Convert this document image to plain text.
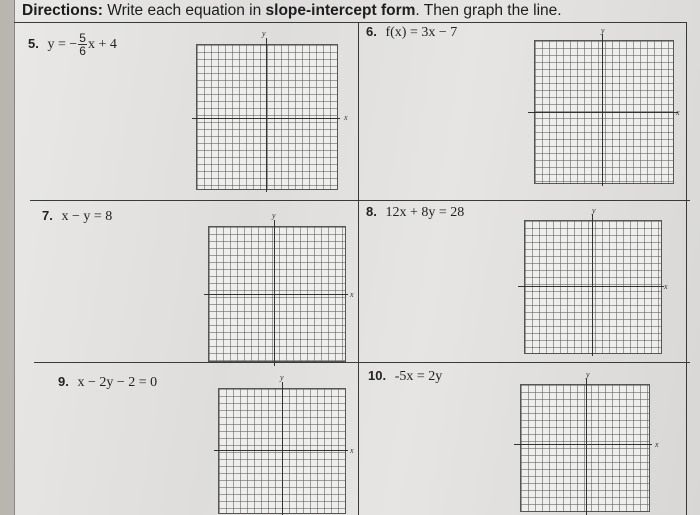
Directions: Write each equation in slope-intercept form. Then graph the line.
5. y = − $\frac{5}{6}$ x + 4
6. f(x) = 3x − 7
7. x − y = 8	8. 12x + 8y = 28
9. x − 2y − 2 = 0	10. -5x = 2y
x
y
x
y
x
y
x
y
x
y
x
y
